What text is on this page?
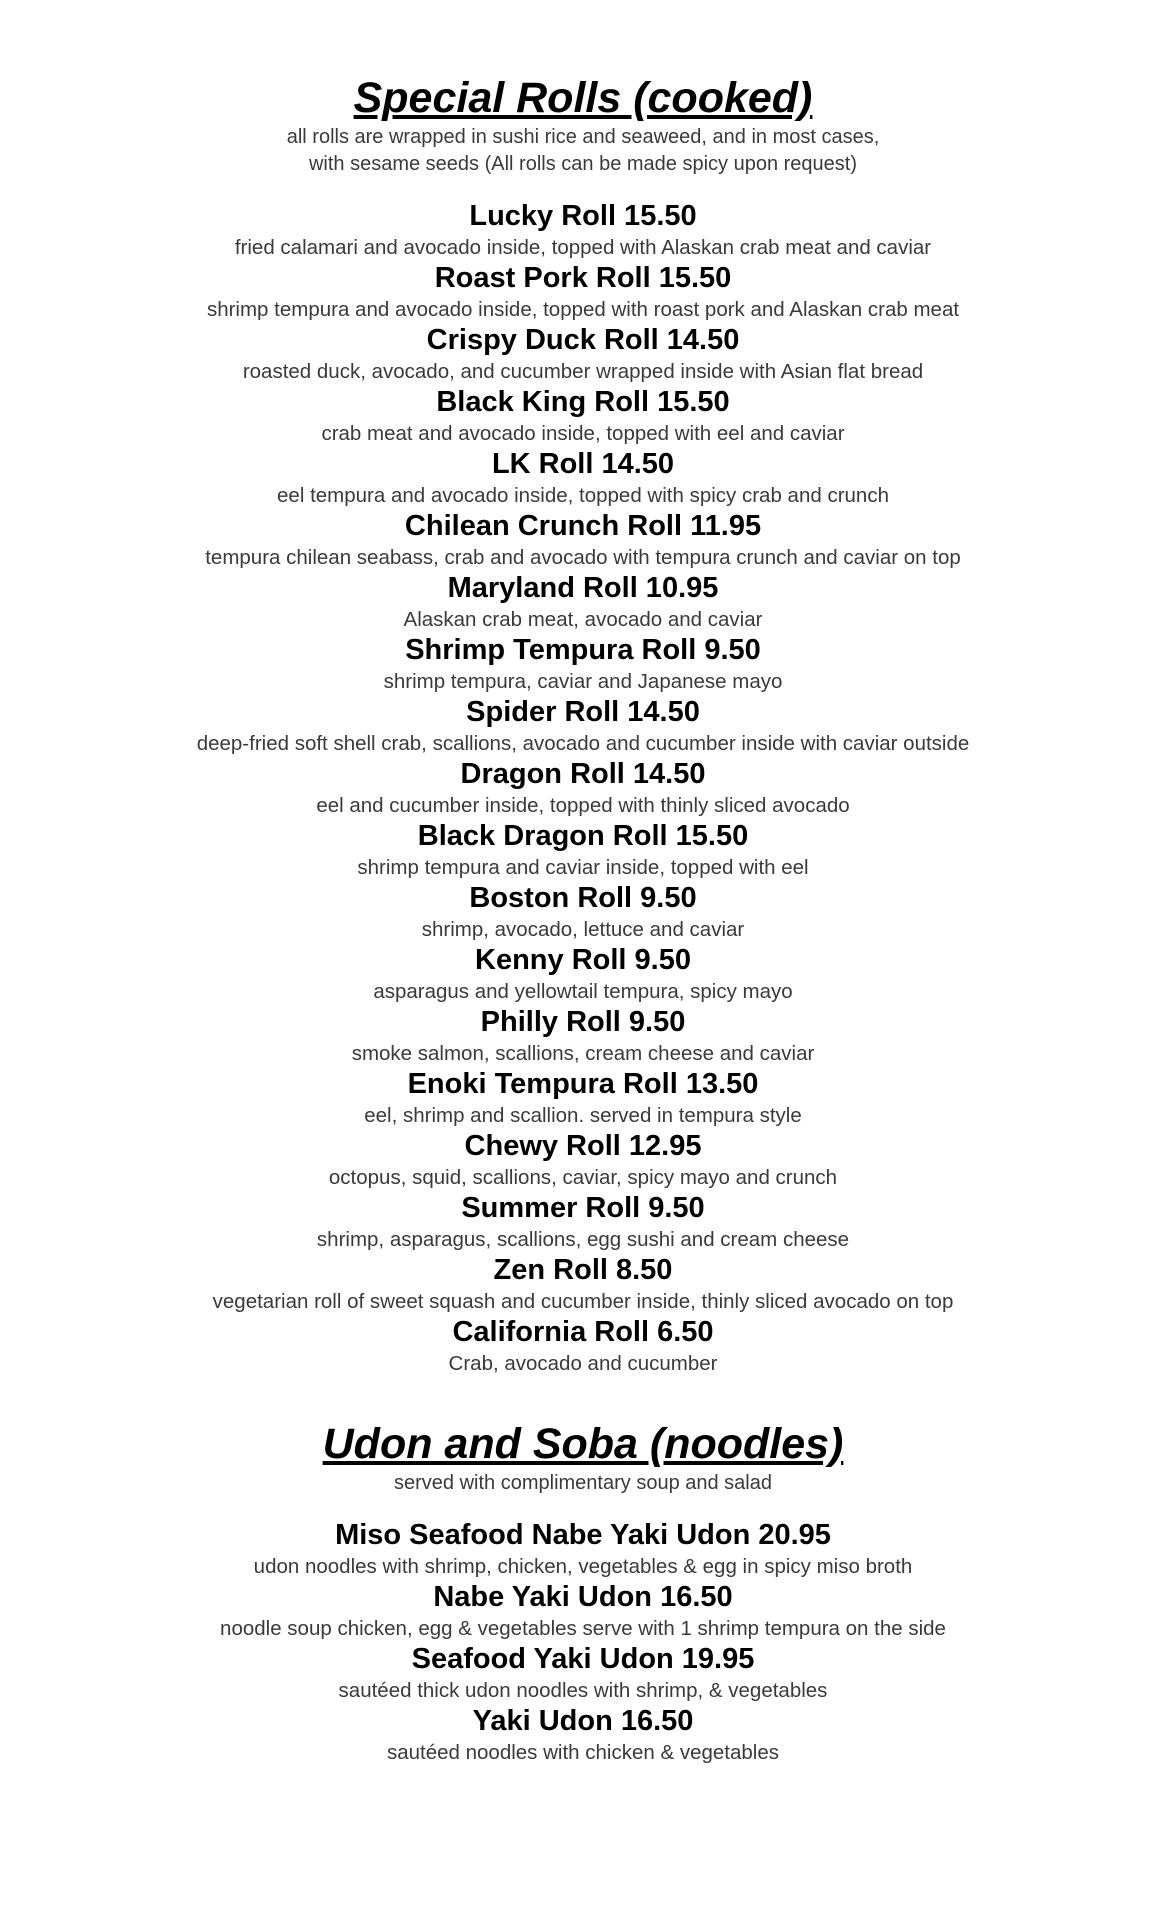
Special Rolls (cooked)

all rolls are wrapped in sushi rice and seaweed, and in most cases,
with sesame seeds (All rolls can be made spicy upon request)

Lucky Roll 15.50
fried calamari and avocado inside, topped with Alaskan crab meat and caviar
Roast Pork Roll 15.50
shrimp tempura and avocado inside, topped with roast pork and Alaskan crab meat
Crispy Duck Roll 14.50
roasted duck, avocado, and cucumber wrapped inside with Asian flat bread
Black King Roll 15.50
crab meat and avocado inside, topped with eel and caviar
LK Roll 14.50
eel tempura and avocado inside, topped with spicy crab and crunch
Chilean Crunch Roll 11.95
tempura chilean seabass, crab and avocado with tempura crunch and caviar on top
Maryland Roll 10.95
Alaskan crab meat, avocado and caviar
Shrimp Tempura Roll 9.50
shrimp tempura, caviar and Japanese mayo
Spider Roll 14.50
deep-fried soft shell crab, scallions, avocado and cucumber inside with caviar outside
Dragon Roll 14.50
eel and cucumber inside, topped with thinly sliced avocado
Black Dragon Roll 15.50
shrimp tempura and caviar inside, topped with eel
Boston Roll 9.50
shrimp, avocado, lettuce and caviar
Kenny Roll 9.50
asparagus and yellowtail tempura, spicy mayo
Philly Roll 9.50
smoke salmon, scallions, cream cheese and caviar
Enoki Tempura Roll 13.50
eel, shrimp and scallion. served in tempura style
Chewy Roll 12.95
octopus, squid, scallions, caviar, spicy mayo and crunch
Summer Roll 9.50
shrimp, asparagus, scallions, egg sushi and cream cheese
Zen Roll 8.50
vegetarian roll of sweet squash and cucumber inside, thinly sliced avocado on top
California Roll 6.50
Crab, avocado and cucumber
Udon and Soba (noodles)

served with complimentary soup and salad

Miso Seafood Nabe Yaki Udon 20.95
udon noodles with shrimp, chicken, vegetables & egg in spicy miso broth
Nabe Yaki Udon 16.50
noodle soup chicken, egg & vegetables serve with 1 shrimp tempura on the side
Seafood Yaki Udon 19.95
sautéed thick udon noodles with shrimp, & vegetables
Yaki Udon 16.50
sautéed noodles with chicken & vegetables
